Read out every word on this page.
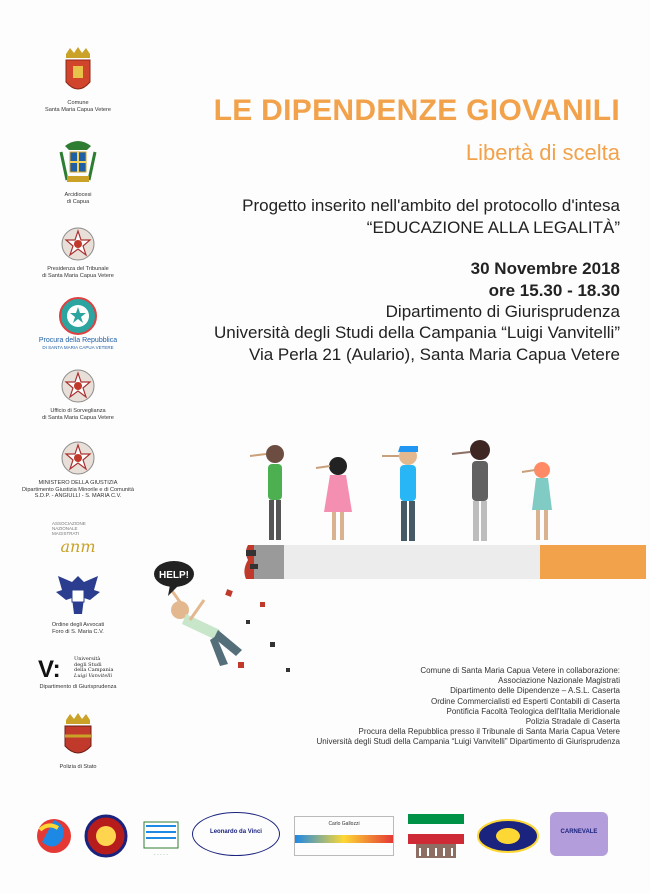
Comune
Santa Maria Capua Vetere
Arcidiocesi
di Capua
Presidenza del Tribunale
di Santa Maria Capua Vetere
Procura della Repubblica
DI SANTA MARIA CAPUA VETERE
Ufficio di Sorveglianza
di Santa Maria Capua Vetere
MINISTERO DELLA GIUSTIZIA
Dipartimento Giustizia Minorile e di Comunità
S.D.P. - ANGIULLI - S. MARIA C.V.
ASSOCIAZIONE
NAZIONALE
MAGISTRATI
anm
Ordine degli Avvocati
Foro di S. Maria C.V.
V:	Università
degli Studi
della Campania
Luigi Vanvitelli
Dipartimento di Giurisprudenza
Polizia di Stato
LE DIPENDENZE GIOVANILI
Libertà di scelta
Progetto inserito nell'ambito del protocollo d'intesa
“EDUCAZIONE ALLA LEGALITÀ”
30 Novembre 2018
ore 15.30 - 18.30
Dipartimento di Giurisprudenza
Università degli Studi della Campania “Luigi Vanvitelli”
Via Perla 21 (Aulario), Santa Maria Capua Vetere
HELP!
Comune di Santa Maria Capua Vetere in collaborazione:
Associazione Nazionale Magistrati
Dipartimento delle Dipendenze – A.S.L. Caserta
Ordine Commercialisti ed Esperti Contabili di Caserta
Pontificia Facoltà Teologica dell'Italia Meridionale
Polizia Stradale di Caserta
Procura della Repubblica presso il Tribunale di Santa Maria Capua Vetere
Università degli Studi della Campania “Luigi Vanvitelli” Dipartimento di Giurisprudenza
· · · · ·
Leonardo da Vinci
Carlo Gallozzi
CARNEVALE
